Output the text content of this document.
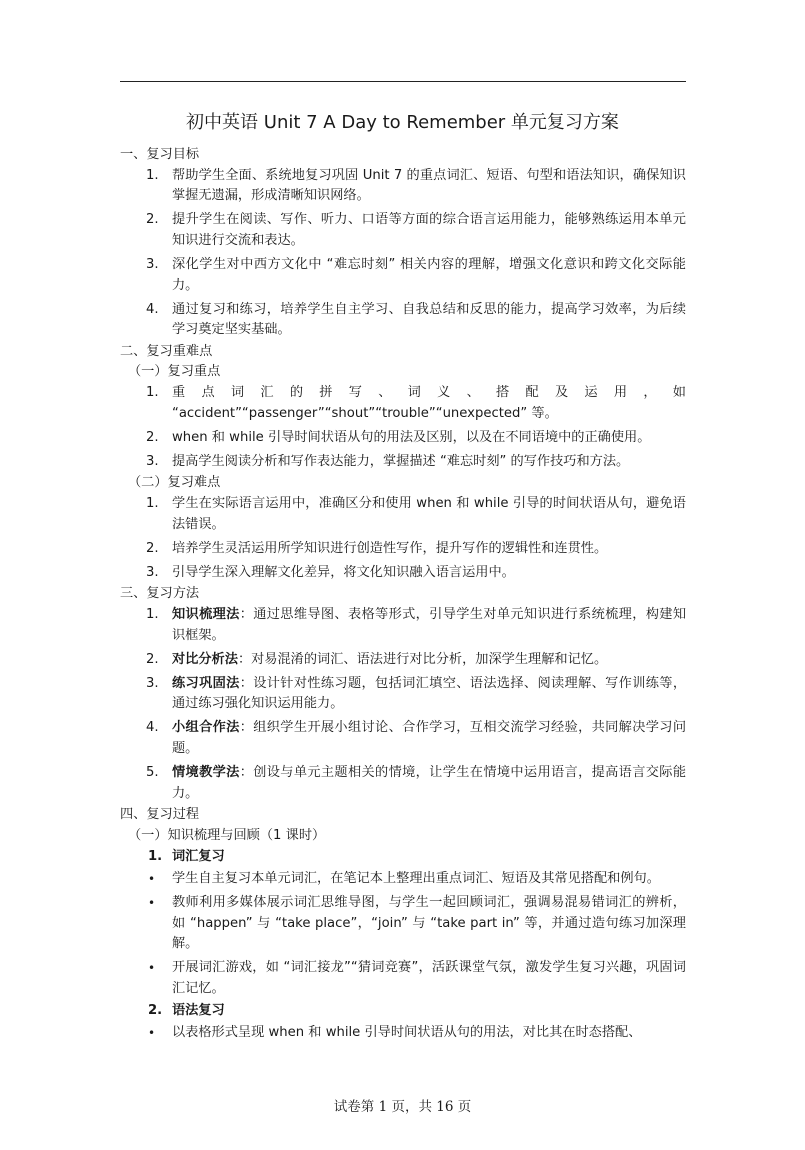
初中英语 Unit 7 A Day to Remember 单元复习方案
一、复习目标
1. 帮助学生全面、系统地复习巩固 Unit 7 的重点词汇、短语、句型和语法知识，确保知识掌握无遗漏，形成清晰知识网络。
2. 提升学生在阅读、写作、听力、口语等方面的综合语言运用能力，能够熟练运用本单元知识进行交流和表达。
3. 深化学生对中西方文化中 “难忘时刻” 相关内容的理解，增强文化意识和跨文化交际能力。
4. 通过复习和练习，培养学生自主学习、自我总结和反思的能力，提高学习效率，为后续学习奠定坚实基础。
二、复习重难点
（一）复习重点
1. 重点词汇的拼写、词义、搭配及运用，如 “accident”“passenger”“shout”“trouble”“unexpected” 等。
2. when 和 while 引导时间状语从句的用法及区别，以及在不同语境中的正确使用。
3. 提高学生阅读分析和写作表达能力，掌握描述 “难忘时刻” 的写作技巧和方法。
（二）复习难点
1. 学生在实际语言运用中，准确区分和使用 when 和 while 引导的时间状语从句，避免语法错误。
2. 培养学生灵活运用所学知识进行创造性写作，提升写作的逻辑性和连贯性。
3. 引导学生深入理解文化差异，将文化知识融入语言运用中。
三、复习方法
1. 知识梳理法：通过思维导图、表格等形式，引导学生对单元知识进行系统梳理，构建知识框架。
2. 对比分析法：对易混淆的词汇、语法进行对比分析，加深学生理解和记忆。
3. 练习巩固法：设计针对性练习题，包括词汇填空、语法选择、阅读理解、写作训练等，通过练习强化知识运用能力。
4. 小组合作法：组织学生开展小组讨论、合作学习，互相交流学习经验，共同解决学习问题。
5. 情境教学法：创设与单元主题相关的情境，让学生在情境中运用语言，提高语言交际能力。
四、复习过程
（一）知识梳理与回顾（1 课时）
1. 词汇复习
• 学生自主复习本单元词汇，在笔记本上整理出重点词汇、短语及其常见搭配和例句。
• 教师利用多媒体展示词汇思维导图，与学生一起回顾词汇，强调易混易错词汇的辨析，如 “happen” 与 “take place”，“join” 与 “take part in” 等，并通过造句练习加深理解。
• 开展词汇游戏，如 “词汇接龙”“猜词竞赛”，活跃课堂气氛，激发学生复习兴趣，巩固词汇记忆。
2. 语法复习
• 以表格形式呈现 when 和 while 引导时间状语从句的用法，对比其在时态搭配、
试卷第 1 页，共 16 页
